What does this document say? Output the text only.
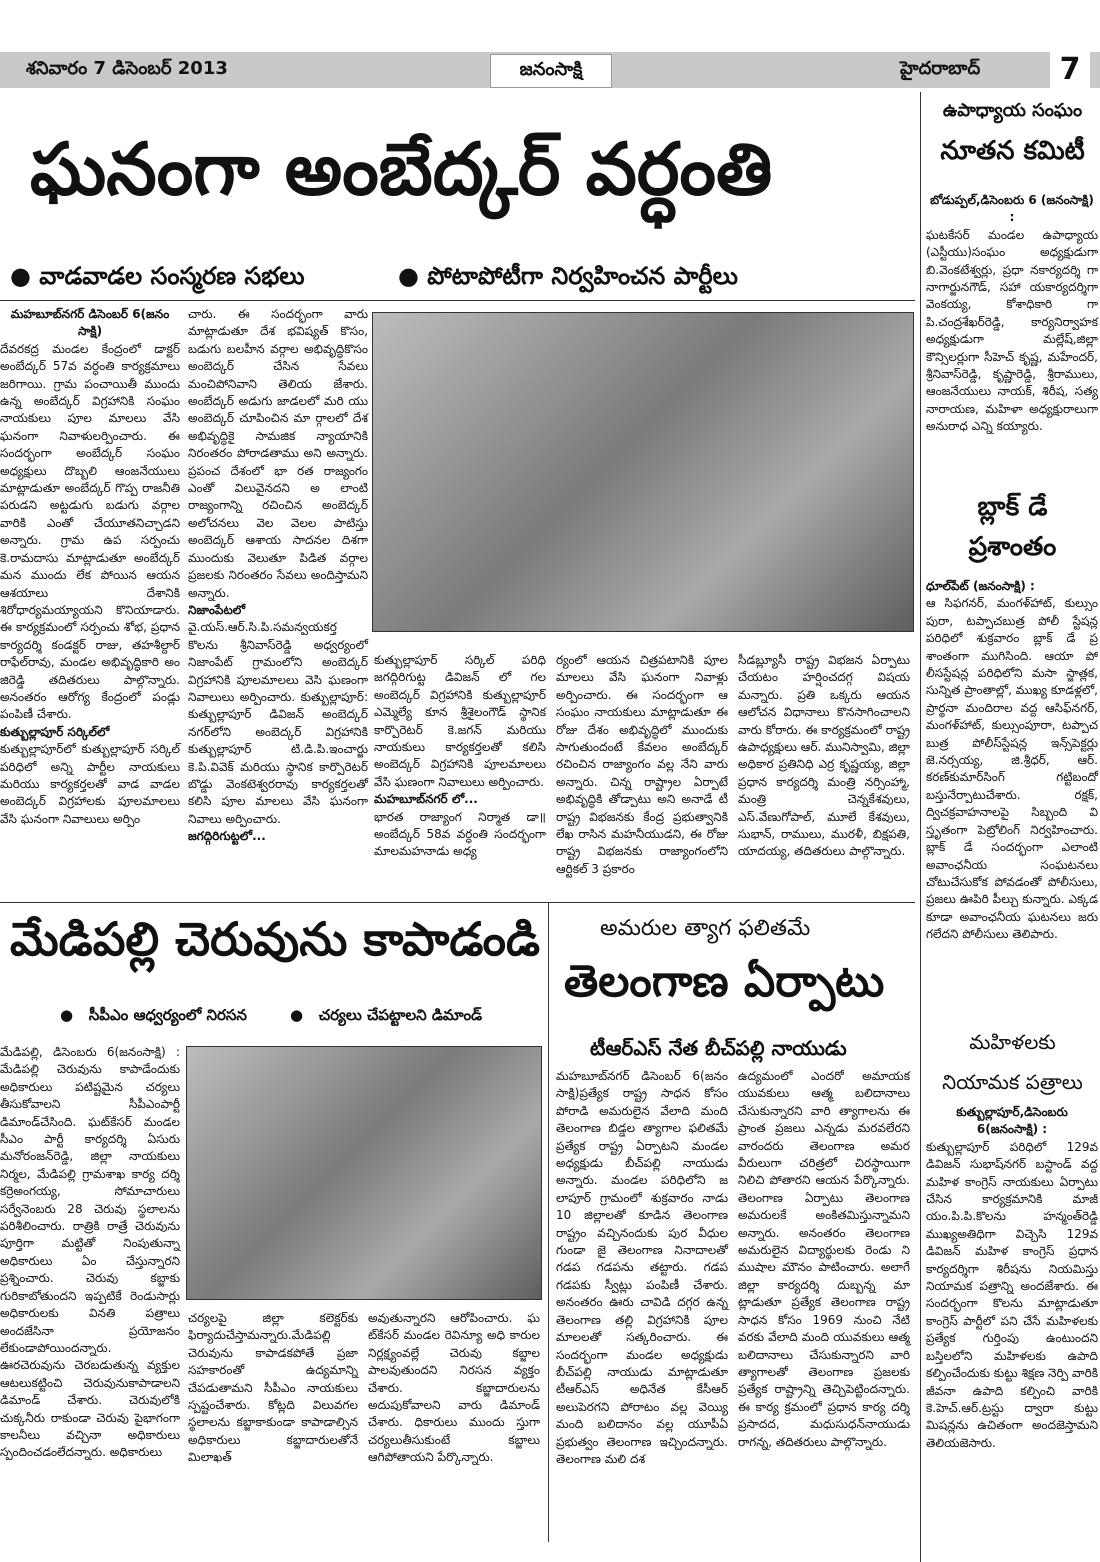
శనివారం 7 డిసెంబర్ 2013	జనంసాక్షి	హైదరాబాద్	7
ఘనంగా అంబేద్కర్ వర్ధంతి
● వాడవాడల సంస్మరణ సభలు	● పోటాపోటీగా నిర్వహించన పార్టీలు

మహబూబ్‌నగర్ డిసెంబర్ 6(జనం సాక్షి)

దేవరకద్ర మండల కేంద్రంలో డాక్టర్ అంబేద్కర్ 57వ వర్ధంతి కార్యక్రమాలు జరిగాయి. గ్రామ పంచాయితీ ముందు ఉన్న అంబేద్కర్ విగ్రహానికి సంఘం నాయకులు పూల మాలలు వేసి ఘనంగా నివాళులర్పించారు. ఈ సందర్భంగా అంబేద్కర్ సంఘం అధ్యక్షులు దొబ్బలి ఆంజనేయులు మాట్లాడుతూ అంబేద్కర్ గొప్ప రాజనీతి పరుడని అట్టడుగు బడుగు వర్గాల వారికి ఎంతో చేయూతనిచ్చాడని అన్నారు. గ్రామ ఉప సర్పంచు కె.రామదాసు మాట్లాడుతూ అంబేద్కర్ మన ముందు లేక పోయిన ఆయన ఆశయాలు దేశానికి శిరోధార్యమయ్యాయని కొనియాడారు. ఈ కార్యక్రమంలో సర్పంచు శోభ, ప్రధాన కార్యదర్శి కండక్టర్ రాజు, తహశీల్దార్ రాఫేల్‌రావు, మండల అభివృద్ధికారి అం జిరెడ్డి తదితరులు పాల్గొన్నారు. అనంతరం ఆరోగ్య కేంద్రంలో పండ్లు పంపిణీ చేశారు.

కుత్బుల్లాపూర్ సర్కిల్‌లో

కుత్బుల్లాపూర్‌లో కుత్బుల్లాపూర్ సర్కిల్ పరిధిలో అన్ని పార్టీల నాయకులు మరియు కార్యకర్తలతో వాడ వాడల అంబెద్కర్ విగ్రహాలకు పూలమాలలు వేసి ఘనంగా నివాలులు అర్పిం

చారు. ఈ సందర్భంగా వారు మాట్లాడుతూ దేశ భవిష్యత్ కొసం, బడుగు బలహీన వర్గాల అభివృద్ధికొసం అంబెద్కర్ చేసిన సేవలు మంచిపోనివాని తెలియ జేశారు. అంబేద్కర్ అడుగు జాడలలో మరి యు అంబెద్కర్ చూపించిన మా ర్గాలలో దేశ అభివృద్ధికై సామజిక న్యాయానికి నిరంతరం పోరాడతాము అని అన్నారు. ప్రపంచ దేశంలో భా రత రాజ్యంగం ఎంతో విలువైనదని అ లాంటి రాజ్యంగాన్ని రచించిన అంబెద్కర్ అలోచనలు వెల వెలల పాటిస్తు అంబెద్కర్ ఆశాయ సాదనల దిశగా ముందుకు వెలుతూ పిడిత వర్గాల ప్రజలకు నిరంతరం సేవలు అందిస్తామని అన్నారు.

నిజాంపేటలో

వై.యస్.ఆర్.సి.పి.సమన్వయకర్త కొలను శ్రీనివాస్‌రెడ్డి అధ్వర్యంలో నిజాంపేట్ గ్రామంలోని అంబెద్కర్ విగ్రహానికి పూలమాలలు వెసి ఘణంగా నివాలులు అర్పించారు. కుత్బుల్లాపూర్: కుత్బుల్లాపూర్ డివిజన్ అంబెద్కర్ నగర్‌లోని అంబెద్కర్ విగ్రహానికి కుత్బుల్లాపూర్ టి.డి.పి.ఇంచార్జు కె.పి.వివెక్ మరియు స్థానిక కార్పొరెటర్ బొడ్డు వెంకటెశ్వరరావు కార్యకర్తలతో కలిసి పూల మాలలు వేసి ఘనంగా నివాలు అర్పించారు.

జగద్గిరిగుట్టలో...

కుత్బుల్లాపూర్ సర్కిల్ పరిధి జగద్గిరిగుట్ట డివిజన్ లో గల అంబెద్కర్ విగ్రహానికి కుత్బుల్లాపూర్ ఎమ్మెల్యే కూన శ్రీశైలంగౌడ్ స్థానిక కార్పొరెటర్ కె.జగన్ మరియు నాయకులు కార్యకర్తలతో కలిసి అంబెద్కర్ విగ్రహానికి పూలమాలలు వేసి ఘణంగా నివాలులు అర్పించారు.

మహబూబ్‌నగర్ లో...

భారత రాజ్యాంగ నిర్మాత డా॥అంబేద్కర్ 58వ వర్ధంతి సందర్భంగా మాలమహనాడు అధ్య

ర్యంలో ఆయన చిత్రపటానికి పూల మాలలు వేసి ఘనంగా నివాళ్లు అర్పించారు. ఈ సందర్భంగా ఆ సంఘం నాయకులు మాట్లాడుతూ ఈ రోజు దేశం అభివృద్ధిలో ముందుకు సాగుతుందంటే కేవలం అంబేద్కర్ రచించిన రాజ్యాంగం వల్ల నేని వారు అన్నారు. చిన్న రాష్ట్రాల ఏర్పాటే అభివృద్ధికి తోడ్పాటు అని అనాడే టీ రాష్ట్ర విభజనకు కేంద్ర ప్రభుత్వానికి లేఖ రాసిన మహనీయుడని, ఈ రోజు రాష్ట్ర విభజనకు రాజ్యాంగంలోని ఆర్టికల్ 3 ప్రకారం

సీడబ్ల్యూసీ రాష్ట్ర విభజన ఏర్పాటు చేయటం హర్షించదగ్గ విషయ మన్నారు. ప్రతి ఒక్కరు ఆయన ఆలోచన విధానాలు కొనసాగించాలని వారు కోరారు. ఈ కార్యక్రమంలో రాష్ట్ర ఉపాధ్యక్షులు ఆర్. మునిస్వామి, జిల్లా అధికార ప్రతినిధి ఎర్ర కృష్ణయ్య, జిల్లా ప్రధాన కార్యదర్శి మంత్రి నర్సింహ్మా, మంత్రి చెన్నకేశవులు, ఎస్.వేణుగోపాల్, మూలే కేశవులు, సుభాన్, రాములు, మురళీ, బిక్షపతి, యాదయ్య, తదితరులు పాల్గొన్నారు.

ఉపాధ్యాయ సంఘం
నూతన కమిటీ

బోడుప్పల్,డిసెంబరు 6 (జనంసాక్షి) :

ఘటకేసర్ మండల ఉపాధ్యాయ (ఎస్టీయు)సంఘం అధ్యక్షుడుగా బి.వెంకటేశ్వర్లు, ప్రధా నకార్యదర్శి గా నాగార్జునగౌడ్, సహా యకార్యదర్శిగా వెంకయ్య, కోశాధికారి గా పి.చంద్రశేఖర్‌రెడ్డి, కార్యనిర్వాహక అధ్యక్షుడుగా మల్లేష్,జిల్లా కౌన్సిలర్లుగా సీహెచ్ కృష్ణ, మహేందర్, శ్రీనివాస్‌రెడ్డి, కృష్ణారెడ్డి, శ్రీరాములు, ఆంజనేయులు నాయక్, శిరీష, సత్య నారాయణ, మహిళా అధ్యక్షురాలుగా అనురాధ ఎన్ని కయ్యారు.

బ్లాక్ డే
ప్రశాంతం

ధూల్‌పేట్ (జనంసాక్షి) :

ఆ సిఫగనర్, మంగళ్‌హాట్, కుల్సుం పురా, టప్పాచబుత్ర పోలీ స్టేషన్ల పరిధిలో శుక్రవారం బ్లాక్ డే ప్ర శాంతంగా ముగిసింది. ఆయా పో లీసస్టేషన్ల పరిధిలోని మసా స్జాత్లక, సున్నిత ప్రాంతాల్లో, ముఖ్య కూడళ్లలో, ప్రార్థనా మందిరాల వద్ద ఆసిఫ్‌నగర్, మంగళ్‌హాట్, కుల్సుంపూరా, టప్పాచ బుత్ర పోలీస్‌స్టేషన్ల ఇన్స్‌పెక్టర్లు జె.నర్సయ్య, జి.శ్రీధర్, ఆర్. కరణ్‌కుమార్‌సింగ్ గట్టిబందో బస్తునేర్పాటుచేశారు. రక్షక్, ద్విచక్రవాహనాలపై సిబ్బంది వి స్తృతంగా పెట్రోలింగ్ నిర్వహించారు. బ్లాక్ డే సందర్భంగా ఎలాంటి అవాంఛనీయ సంఘటనలు చోటుచేసుకోక పోవడంతో పోలీసులు, ప్రజలు ఊపిరి పీల్చు కున్నారు. ఎక్కడ కూడా అవాంఛనీయ ఘటనలు జరు గలేదని పోలీసులు తెలిపారు.

మహిళలకు
నియామక పత్రాలు

కుత్బుల్లాపూర్,డిసెంబరు 6(జనంసాక్షి) :

కుత్బుల్లాపూర్ పరిధిలో 129వ డివిజన్ సుభాష్‌నగర్ బస్టాండ్ వద్ద మహిళ కాంగ్రెస్ నాయకులు ఏర్పాటు చేసిన కార్యక్రమానికి మాజీ యం.పి.పి.కొలను హన్మంత్‌రెడ్డి ముఖ్యఅతిధిగా విచ్చెసి 129వ డివిజన్ మహిళ కాంగ్రెస్ ప్రధాన కార్యదర్శిగా శిరీషను నియమిస్తు నియామక పత్రాన్ని అందజేశారు. ఈ సందర్భంగా కొలను మాట్లాడుతూ కాంగ్రెస్ పార్టీలో పని చేసే మహిళలకు ప్రత్యేక గుర్తింపు ఉంటుందని బస్తిలలోని మహిళలకు ఉపాది కల్పించేందుకు కుట్టు శిక్షణ నెర్పి వారికి జీవనా ఉపాది కల్పించి వారికి కె.హెచ్.ఆర్.ట్రస్టు ద్వారా కుట్టు మిషన్లను ఉచితంగా అందజెస్తామని తెలియజెసారు.

మేడిపల్లి చెరువును కాపాడండి
●   సీపీఎం ఆధ్వర్యంలో నిరసన	●   చర్యలు చేపట్టాలని డిమాండ్

మేడిపల్లి, డిసెంబరు 6(జనంసాక్షి) : మేడిపల్లి చెరువును కాపాడేందుకు అధికారులు పటిష్టమైన చర్యలు తీసుకోవాలని సీపీఎంపార్టీ డిమాండ్‌చేసింది. ఘట్‌కేసర్ మండల సీఎం పార్టీ కార్యదర్శి ఏసురు మనోరంజన్‌రెడ్డి, జిల్లా నాయకులు నిర్మల, మేడిపల్లి గ్రామశాఖ కార్య దర్శి కర్రెఅంగయ్య, సోమాచారులు సర్వేనెంబరు 28 చెరువు స్థలాలను పరిశీలించారు. రాత్రికి రాత్రే చెరువును పూర్తిగా మట్టితో నింపుతున్నా అధికారులు ఏం చేస్తున్నారని ప్రశ్నించారు. చెరువు కబ్జాకు గురికాబోతుందని ఇప్పటికే రెండుసార్లు అధికారులకు వినతి పత్రాలు అందజేసినా ప్రయోజనం లేకుండాపోయిందన్నారు. ఊరచెరువును చెరబడుతున్న వ్యక్తుల ఆటలుకట్టించి చెరువునుకాపాడాలని డిమాండ్ చేశారు. చెరువులోకి చుక్కనీరు రాకుండా చెరువు పైభాగంగా కాలనీలు వచ్చినా అధికారులు స్పందించడంలేదన్నారు. అధికారులు

చర్యలపై జిల్లా కలెక్టర్‌కు ఫిర్యాదుచేస్తామన్నారు.మేడిపల్లి చెరువును కాపాడకపోతే ప్రజా సహకారంతో ఉద్యమాన్ని చేపడుతామని సీపీఎం నాయకులు స్పష్టంచేశారు. కోట్లది విలువగల స్థలాలను కబ్జాకాకుండా కాపాడాల్సిన అధికారులు కబ్జాదారులతోనే మిలాఖత్

అవుతున్నారని ఆరోపించారు. ఘ ట్‌కేసర్ మండల రెవిన్యూ అధి కారుల నిర్లక్ష్యంవల్లే చెరువు కబ్జాల పాలవుతుందని నిరసన వ్యక్తం చేశారు. కబ్జాదారులను అదుపుకోవాలని వారు డిమాండ్ చేశారు. ధికారులు ముందు స్తుగా చర్యలుతీసుకుంటే కబ్జాలు ఆగిపోతాయని పేర్కొన్నారు.

అమరుల త్యాగ ఫలితమే
తెలంగాణ ఏర్పాటు
టీఆర్ఎస్ నేత బీచ్‌పల్లి నాయుడు

మహబూబ్‌నగర్ డిసెంబర్ 6(జనం సాక్షి)ప్రత్యేక రాష్ట్ర సాధన కోసం పోరాడి అమరులైన వేలాది మంది తెలంగాణ బిడ్డల త్యాగాల ఫలితమే ప్రత్యేక రాష్ట్ర ఏర్పాటని మండల అధ్యక్షుడు బీచ్‌పల్లి నాయుడు అన్నారు. మండల పరిధిలోని జ లాపూర్ గ్రామంలో శుక్రవారం నాడు 10 జిల్లాలతో కూడిన తెలంగాణ రాష్ట్రం వచ్చినందుకు పుర వీధుల గుండా జై తెలంగాణ నినాదాలతో గడప గడపను తట్టారు. గడప గడపకు స్వీట్లు పంపిణీ చేశారు. అనంతరం ఊరు చావిడి దగ్గర ఉన్న తెలంగాణ తల్లి విగ్రహానికి పూల మాలలతో సత్కరించారు. ఈ సందర్భంగా మండల అధ్యక్షుడు బీచ్‌పల్లి నాయుడు మాట్లాడుతూ టీఆర్ఎస్ అధినేత కేసీఆర్ అలుపెరగని పోరాటం వల్ల వెయ్యి మంది బలిదానం వల్ల యూపీఏ ప్రభుత్వం తెలంగాణ ఇచ్చిందన్నారు. తెలంగాణ మలి దశ

ఉద్యమంలో ఎందరో అమాయక యువకులు ఆత్మ బలిదానాలు చేసుకున్నారని వారి త్యాగాలను ఈ ప్రాంత ప్రజలు ఎన్నడు మరవలేరని వారందరు తెలంగాణ అమర వీరులుగా చరిత్రలో చిరస్థాయిగా నిలిచి పోతారని ఆయన పేర్కొన్నారు. తెలంగాణ ఏర్పాటు తెలంగాణ అమరులకే అంకితమిస్తున్నామని అన్నారు. అనంతరం తెలంగాణ అమరులైన విద్యార్థులకు రెండు ని ముషాల మౌనం పాటించారు. అలాగే జిల్లా కార్యదర్శి దుబ్బన్న మా ట్లాడుతూ ప్రత్యేక తెలంగాణ రాష్ట్ర సాధన కోసం 1969 నుంచి నేటి వరకు వేలాది మంది యువకులు ఆత్మ బలిదానాలు చేసుకున్నారని వారి త్యాగాలతో తెలంగాణ ప్రజలకు ప్రత్యేక రాష్ట్రాన్ని తెచ్చిపెట్టిందన్నారు. ఈ కార్య క్రమంలో ప్రధాన కార్య దర్శి ప్రసాదద, మధుసుధన్‌నాయుడు రాగన్న, తదితరులు పాల్గొన్నారు.
